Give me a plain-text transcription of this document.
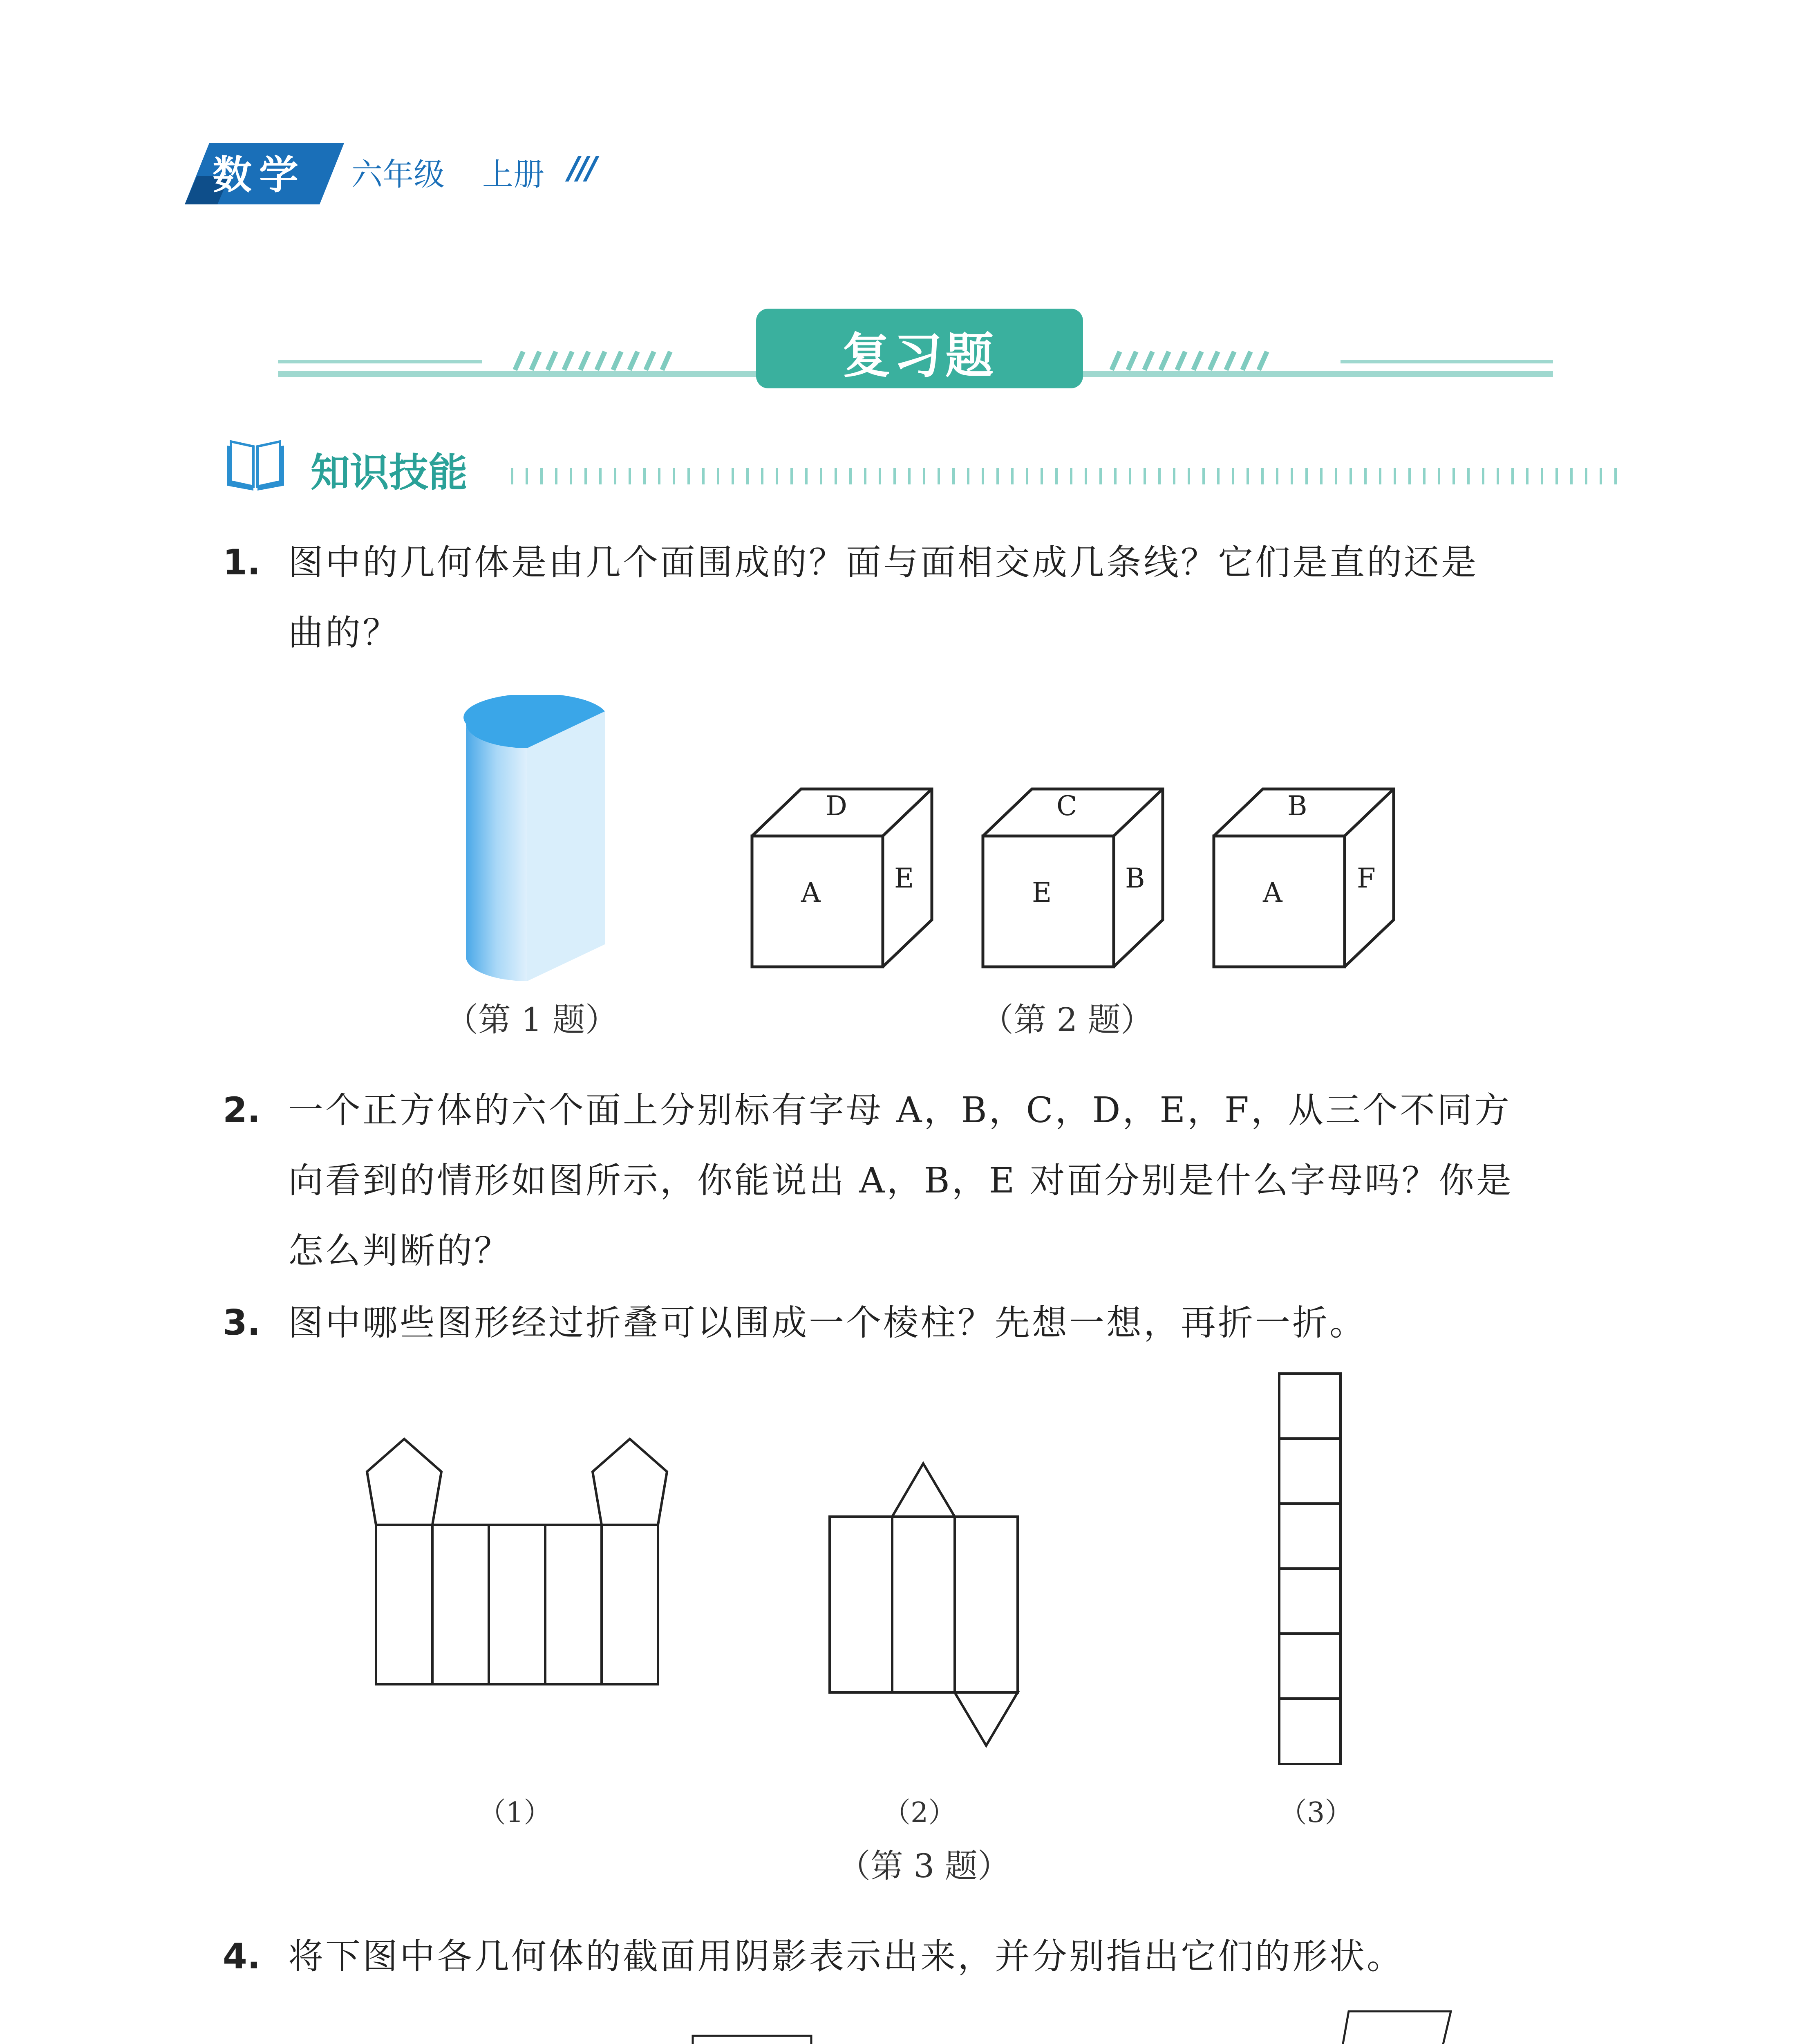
数学 六年级 上册 ///
复习题
知识技能
1. 图中的几何体是由几个面围成的？面与面相交成几条线？它们是直的还是
曲的？
（第 1 题）
D
A	E
C
E	B
B
A	F
（第 2 题）
2. 一个正方体的六个面上分别标有字母 A，B，C，D，E，F，从三个不同方
向看到的情形如图所示，你能说出 A，B，E 对面分别是什么字母吗？你是
怎么判断的？
3. 图中哪些图形经过折叠可以围成一个棱柱？先想一想，再折一折。
（1）	（2）	（3）
（第 3 题）
4. 将下图中各几何体的截面用阴影表示出来，并分别指出它们的形状。
